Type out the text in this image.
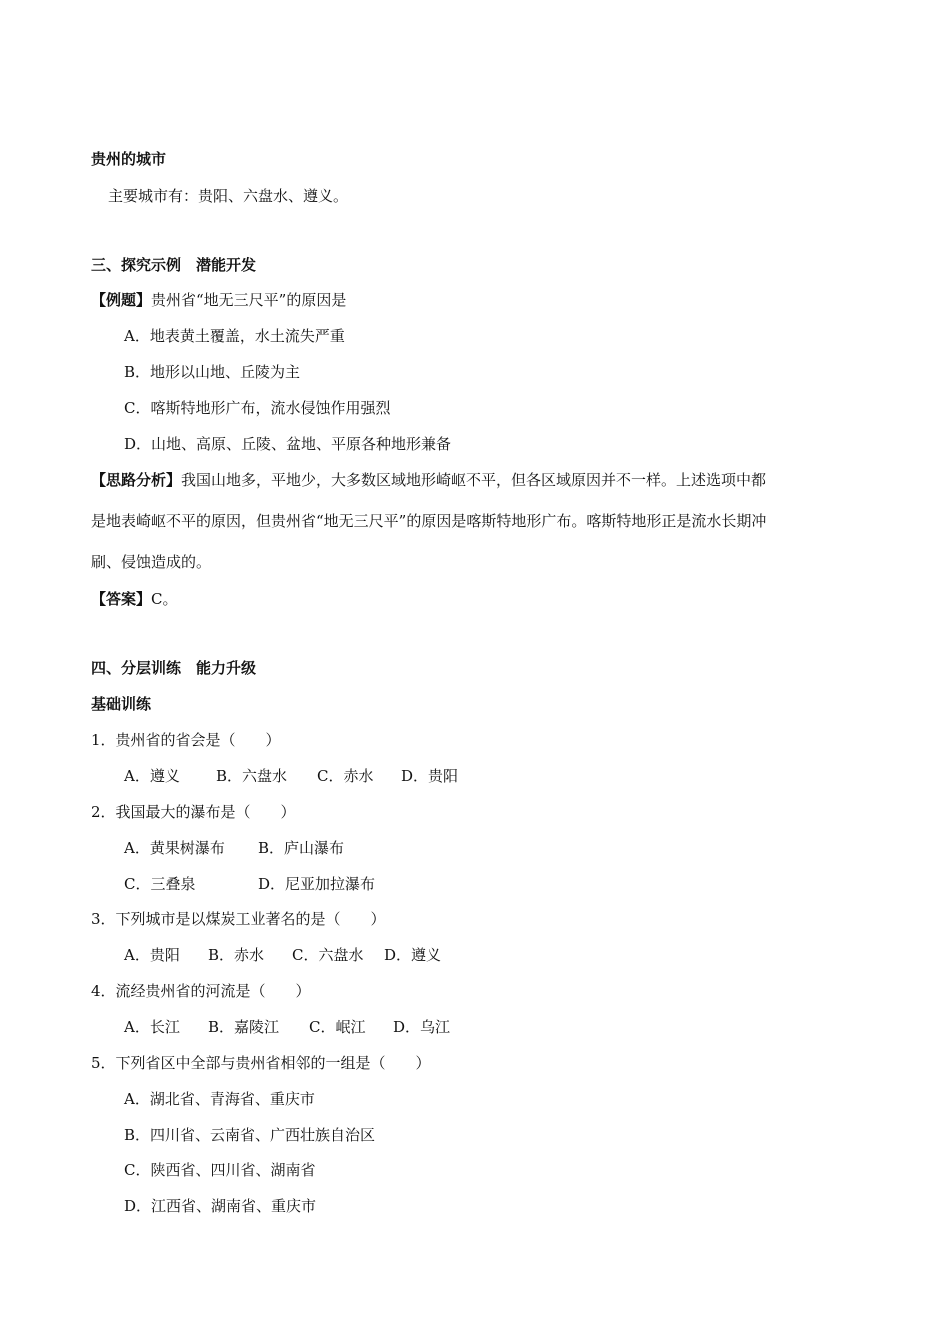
贵州的城市
主要城市有：贵阳、六盘水、遵义。
三、探究示例　潜能开发
【例题】贵州省“地无三尺平”的原因是
A．地表黄土覆盖，水土流失严重
B．地形以山地、丘陵为主
C．喀斯特地形广布，流水侵蚀作用强烈
D．山地、高原、丘陵、盆地、平原各种地形兼备
【思路分析】我国山地多，平地少，大多数区域地形崎岖不平，但各区域原因并不一样。上述选项中都
是地表崎岖不平的原因，但贵州省“地无三尺平”的原因是喀斯特地形广布。喀斯特地形正是流水长期冲
刷、侵蚀造成的。
【答案】C。
四、分层训练　能力升级
基础训练
1．贵州省的省会是（　　）
A．遵义 B．六盘水 C．赤水 D．贵阳
2．我国最大的瀑布是（　　）
A．黄果树瀑布 B．庐山瀑布
C．三叠泉	D．尼亚加拉瀑布
3．下列城市是以煤炭工业著名的是（　　）
A．贵阳 B．赤水 C．六盘水 D．遵义
4．流经贵州省的河流是（　　）
A．长江 B．嘉陵江 C．岷江 D．乌江
5．下列省区中全部与贵州省相邻的一组是（　　）
A．湖北省、青海省、重庆市
B．四川省、云南省、广西壮族自治区
C．陕西省、四川省、湖南省
D．江西省、湖南省、重庆市
